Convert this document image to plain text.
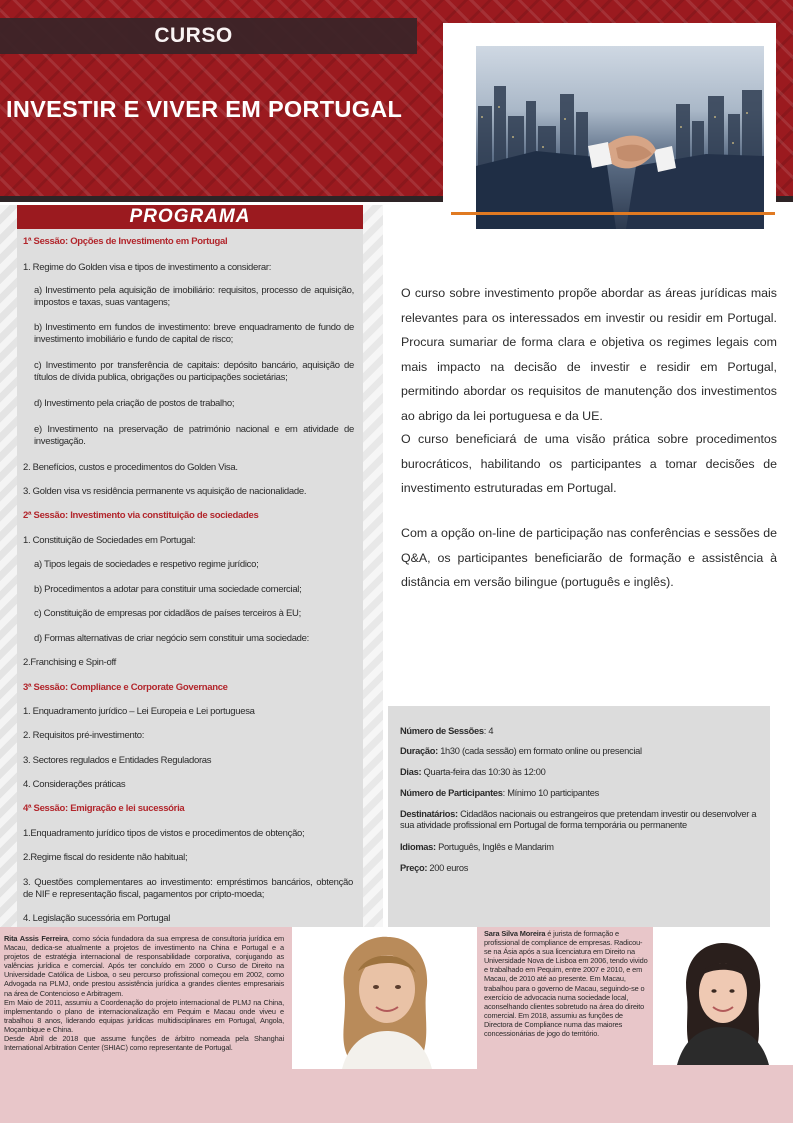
CURSO
INVESTIR E VIVER EM PORTUGAL
PROGRAMA
1ª Sessão: Opções de Investimento em Portugal
1. Regime do Golden visa e tipos de investimento a considerar:
a) Investimento pela aquisição de imobiliário: requisitos, processo de aquisição, impostos e taxas, suas vantagens;
b) Investimento em fundos de investimento: breve enquadramento de fundo de investimento imobiliário e fundo de capital de risco;
c) Investimento por transferência de capitais: depósito bancário, aquisição de títulos de dívida publica, obrigações ou participações societárias;
d) Investimento pela criação de postos de trabalho;
e) Investimento na preservação de património nacional e em atividade de investigação.
2. Benefícios, custos e procedimentos do Golden Visa.
3. Golden visa vs residência permanente vs aquisição de nacionalidade.
2ª Sessão: Investimento via constituição de sociedades
1. Constituição de Sociedades em Portugal:
a) Tipos legais de sociedades e respetivo regime jurídico;
b) Procedimentos a adotar para constituir uma sociedade comercial;
c) Constituição de empresas por cidadãos de países terceiros à EU;
d) Formas alternativas de criar negócio sem constituir uma sociedade:
2.Franchising e Spin-off
3ª Sessão: Compliance e Corporate Governance
1. Enquadramento jurídico – Lei Europeia e Lei portuguesa
2. Requisitos pré-investimento:
3. Sectores regulados e Entidades Reguladoras
4. Considerações práticas
4ª Sessão: Emigração e lei sucessória
1.Enquadramento jurídico tipos de vistos e procedimentos de obtenção;
2.Regime fiscal do residente não habitual;
3. Questões complementares ao investimento: empréstimos bancários, obtenção de NIF e representação fiscal, pagamentos por cripto-moeda;
4. Legislação sucessória em Portugal
O curso sobre investimento propõe abordar as áreas jurídicas mais relevantes para os interessados em investir ou residir em Portugal. Procura sumariar de forma clara e objetiva os regimes legais com mais impacto na decisão de investir e residir em Portugal, permitindo abordar os requisitos de manutenção dos investimentos ao abrigo da lei portuguesa e da UE.
O curso beneficiará de uma visão prática sobre procedimentos burocráticos, habilitando os participantes a tomar decisões de investimento estruturadas em Portugal.
Com a opção on-line de participação nas conferências e sessões de Q&A, os participantes beneficiarão de formação e assistência à distância em versão bilingue (português e inglês).
Número de Sessões: 4
Duração: 1h30 (cada sessão) em formato online ou presencial
Dias: Quarta-feira das 10:30 às 12:00
Número de Participantes: Mínimo 10 participantes
Destinatários: Cidadãos nacionais ou estrangeiros que pretendam investir ou desenvolver a sua atividade profissional em Portugal de forma temporária ou permanente
Idiomas: Português, Inglês e Mandarim
Preço: 200 euros
Rita Assis Ferreira, como sócia fundadora da sua empresa de consultoria jurídica em Macau, dedica-se atualmente a projetos de investimento na China e Portugal e a projetos de estratégia internacional de responsabilidade corporativa, conjugando as valências jurídica e comercial. Após ter concluído em 2000 o Curso de Direito na Universidade Católica de Lisboa, o seu percurso profissional começou em 2002, como Advogada na PLMJ, onde prestou assistência jurídica a grandes clientes empresariais na área de Contencioso e Arbitragem.
Em Maio de 2011, assumiu a Coordenação do projeto internacional de PLMJ na China, implementando o plano de internacionalização em Pequim e Macau onde viveu e trabalhou 8 anos, liderando equipas jurídicas multidisciplinares em Portugal, Angola, Moçambique e China.
Desde Abril de 2018 que assume funções de árbitro nomeada pela Shanghai International Arbitration Center (SHIAC) como representante de Portugal.
Sara Silva Moreira é jurista de formação e profissional de compliance de empresas. Radicou-se na Ásia após a sua licenciatura em Direito na Universidade Nova de Lisboa em 2006, tendo vivido e trabalhado em Pequim, entre 2007 e 2010, e em Macau, de 2010 até ao presente. Em Macau, trabalhou para o governo de Macau, seguindo-se o exercício de advocacia numa sociedade local, aconselhando clientes sobretudo na área do direito comercial. Em 2018, assumiu as funções de Directora de Compliance numa das maiores concessionárias de jogo do território.
